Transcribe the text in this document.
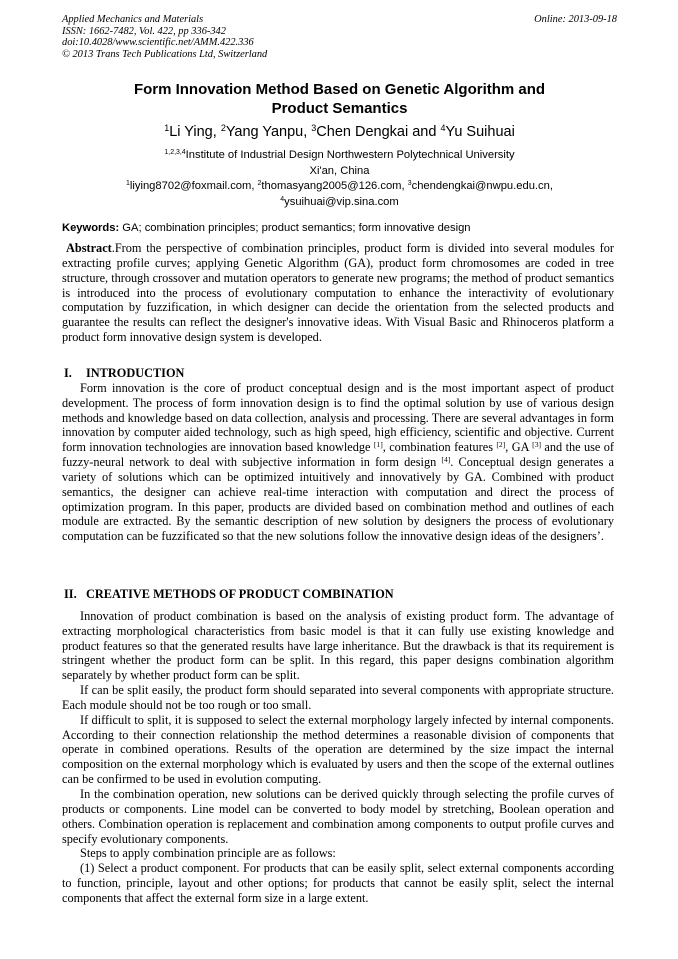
Applied Mechanics and Materials
ISSN: 1662-7482, Vol. 422, pp 336-342
doi:10.4028/www.scientific.net/AMM.422.336
© 2013 Trans Tech Publications Ltd, Switzerland
Online: 2013-09-18
Form Innovation Method Based on Genetic Algorithm and
Product Semantics
$^1$Li Ying, $^2$Yang Yanpu, $^3$Chen Dengkai and $^4$Yu Suihuai
$^{1,2,3,4}$Institute of Industrial Design Northwestern Polytechnical University
Xi'an, China
$^1$liying8702@foxmail.com, $^2$thomasyang2005@126.com, $^3$chendengkai@nwpu.edu.cn,
$^4$ysuihuai@vip.sina.com
Keywords: GA; combination principles; product semantics; form innovative design

Abstract.From the perspective of combination principles, product form is divided into several modules for extracting profile curves; applying Genetic Algorithm (GA), product form chromosomes are coded in tree structure, through crossover and mutation operators to generate new programs; the method of product semantics is introduced into the process of evolutionary computation to enhance the interactivity of evolutionary computation by fuzzification, in which designer can decide the orientation from the selected products and guarantee the results can reflect the designer's innovative ideas. With Visual Basic and Rhinoceros platform a product form innovative design system is developed.

I. INTRODUCTION

Form innovation is the core of product conceptual design and is the most important aspect of product development. The process of form innovation design is to find the optimal solution by use of various design methods and knowledge based on data collection, analysis and processing. There are several advantages in form innovation by computer aided technology, such as high speed, high efficiency, scientific and objective. Current form innovation technologies are innovation based knowledge [1], combination features [2], GA [3] and the use of fuzzy-neural network to deal with subjective information in form design [4]. Conceptual design generates a variety of solutions which can be optimized intuitively and innovatively by GA. Combined with product semantics, the designer can achieve real-time interaction with computation and direct the process of optimization program. In this paper, products are divided based on combination method and outlines of each module are extracted. By the semantic description of new solution by designers the process of evolutionary computation can be fuzzificated so that the new solutions follow the innovative design ideas of the designers’.

II. CREATIVE METHODS OF PRODUCT COMBINATION

Innovation of product combination is based on the analysis of existing product form. The advantage of extracting morphological characteristics from basic model is that it can fully use existing knowledge and product features so that the generated results have large inheritance. But the drawback is that its requirement is stringent whether the product form can be split. In this regard, this paper designs combination algorithm separately by whether product form can be split.

If can be split easily, the product form should separated into several components with appropriate structure. Each module should not be too rough or too small.

If difficult to split, it is supposed to select the external morphology largely infected by internal components. According to their connection relationship the method determines a reasonable division of components that operate in combined operations. Results of the operation are determined by the size impact the internal composition on the external morphology which is evaluated by users and then the scope of the external outlines can be confirmed to be used in evolution computing.

In the combination operation, new solutions can be derived quickly through selecting the profile curves of products or components. Line model can be converted to body model by stretching, Boolean operation and others. Combination operation is replacement and combination among components to output profile curves and specify evolutionary components.

Steps to apply combination principle are as follows:

(1) Select a product component. For products that can be easily split, select external components according to function, principle, layout and other options; for products that cannot be easily split, select the internal components that affect the external form size in a large extent.
